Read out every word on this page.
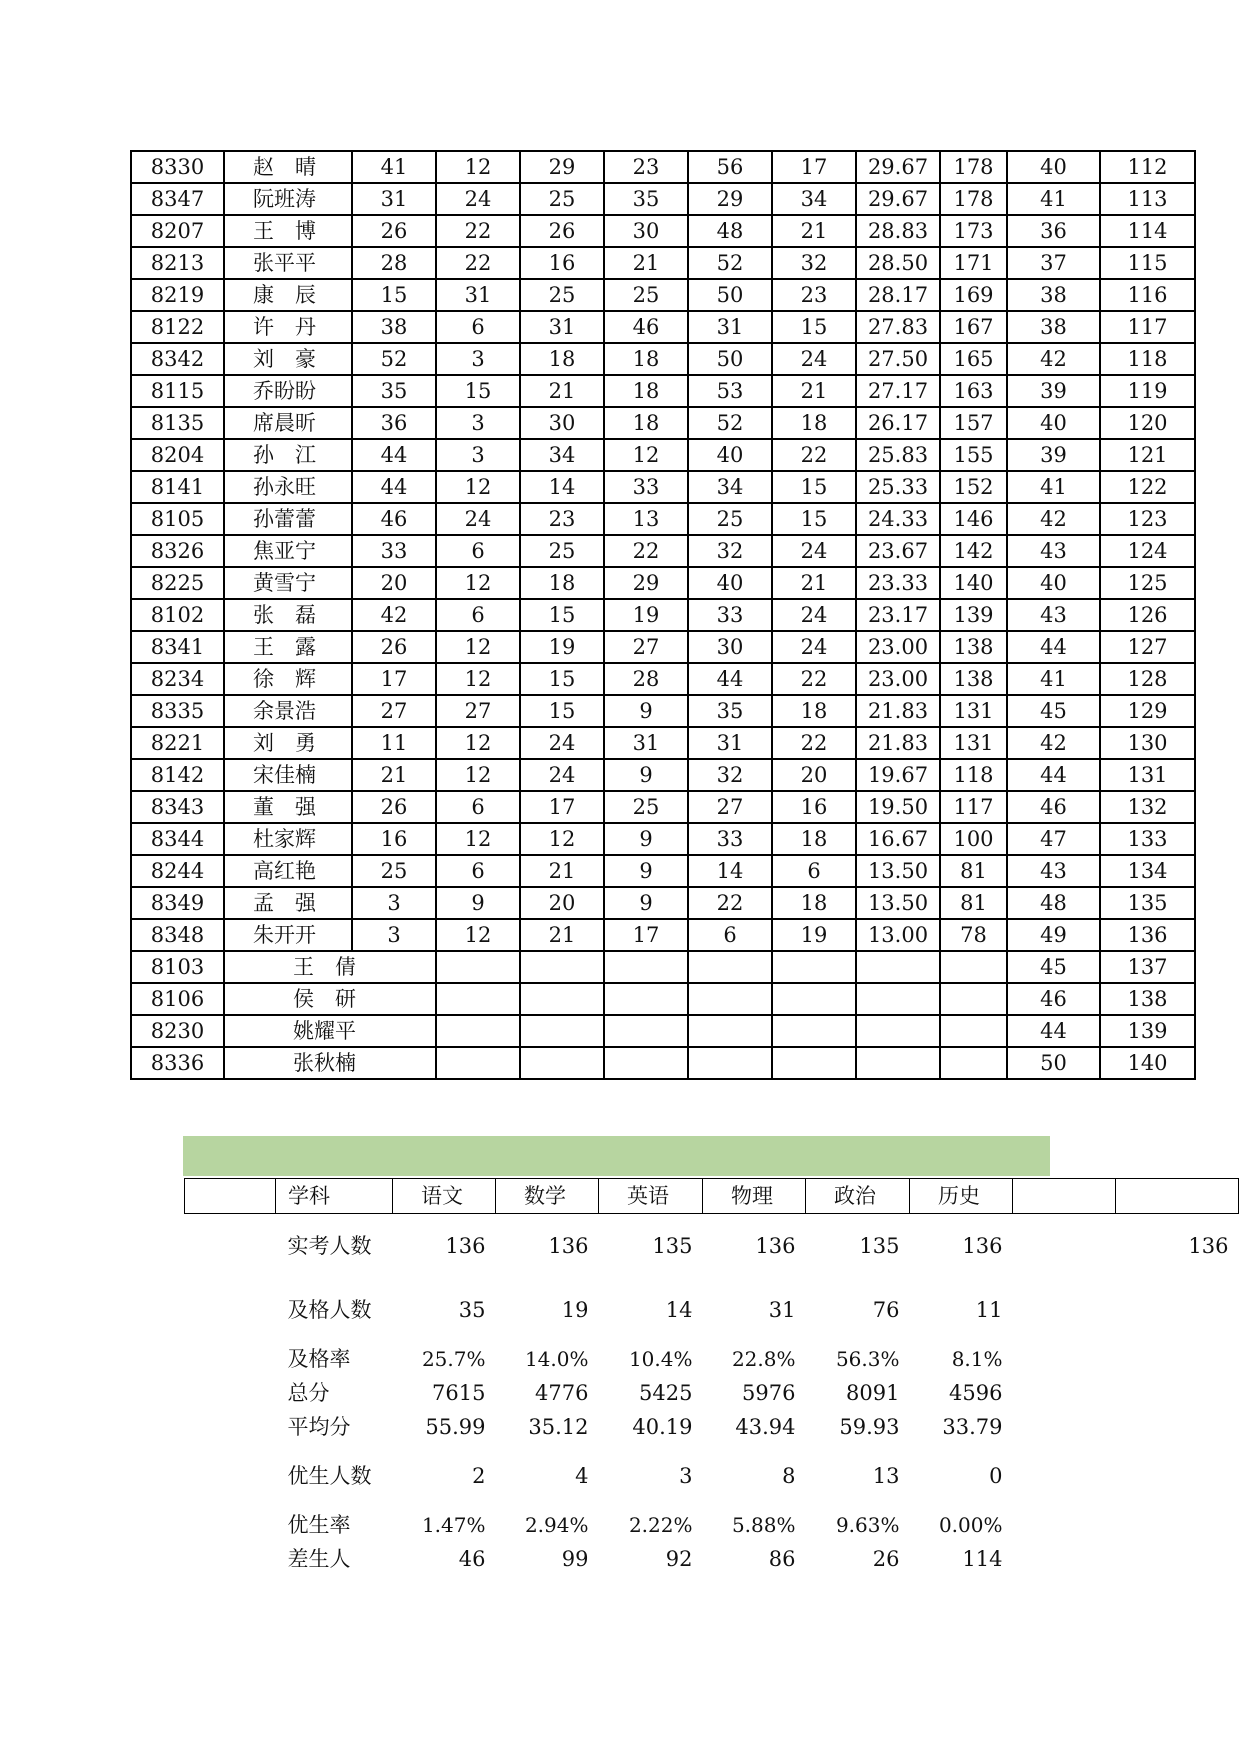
8330	赵　晴	41	12	29	23	56	17	29.67	178	40	112
8347	阮班涛	31	24	25	35	29	34	29.67	178	41	113
8207	王　博	26	22	26	30	48	21	28.83	173	36	114
8213	张平平	28	22	16	21	52	32	28.50	171	37	115
8219	康　辰	15	31	25	25	50	23	28.17	169	38	116
8122	许　丹	38	6	31	46	31	15	27.83	167	38	117
8342	刘　豪	52	3	18	18	50	24	27.50	165	42	118
8115	乔盼盼	35	15	21	18	53	21	27.17	163	39	119
8135	席晨昕	36	3	30	18	52	18	26.17	157	40	120
8204	孙　江	44	3	34	12	40	22	25.83	155	39	121
8141	孙永旺	44	12	14	33	34	15	25.33	152	41	122
8105	孙蕾蕾	46	24	23	13	25	15	24.33	146	42	123
8326	焦亚宁	33	6	25	22	32	24	23.67	142	43	124
8225	黄雪宁	20	12	18	29	40	21	23.33	140	40	125
8102	张　磊	42	6	15	19	33	24	23.17	139	43	126
8341	王　露	26	12	19	27	30	24	23.00	138	44	127
8234	徐　辉	17	12	15	28	44	22	23.00	138	41	128
8335	余景浩	27	27	15	9	35	18	21.83	131	45	129
8221	刘　勇	11	12	24	31	31	22	21.83	131	42	130
8142	宋佳楠	21	12	24	9	32	20	19.67	118	44	131
8343	董　强	26	6	17	25	27	16	19.50	117	46	132
8344	杜家辉	16	12	12	9	33	18	16.67	100	47	133
8244	高红艳	25	6	21	9	14	6	13.50	81	43	134
8349	孟　强	3	9	20	9	22	18	13.50	81	48	135
8348	朱开开	3	12	21	17	6	19	13.00	78	49	136
8103	王　倩									45	137
8106	侯　研									46	138
8230	姚耀平									44	139
8336	张秋楠									50	140
	学科	语文	数学	英语	物理	政治	历史		
	实考人数	136	136	135	136	135	136		136
	及格人数	35	19	14	31	76	11		
	及格率	25.7%	14.0%	10.4%	22.8%	56.3%	8.1%		
	总分	7615	4776	5425	5976	8091	4596		
	平均分	55.99	35.12	40.19	43.94	59.93	33.79		
	优生人数	2	4	3	8	13	0		
	优生率	1.47%	2.94%	2.22%	5.88%	9.63%	0.00%		
	差生人	46	99	92	86	26	114		
